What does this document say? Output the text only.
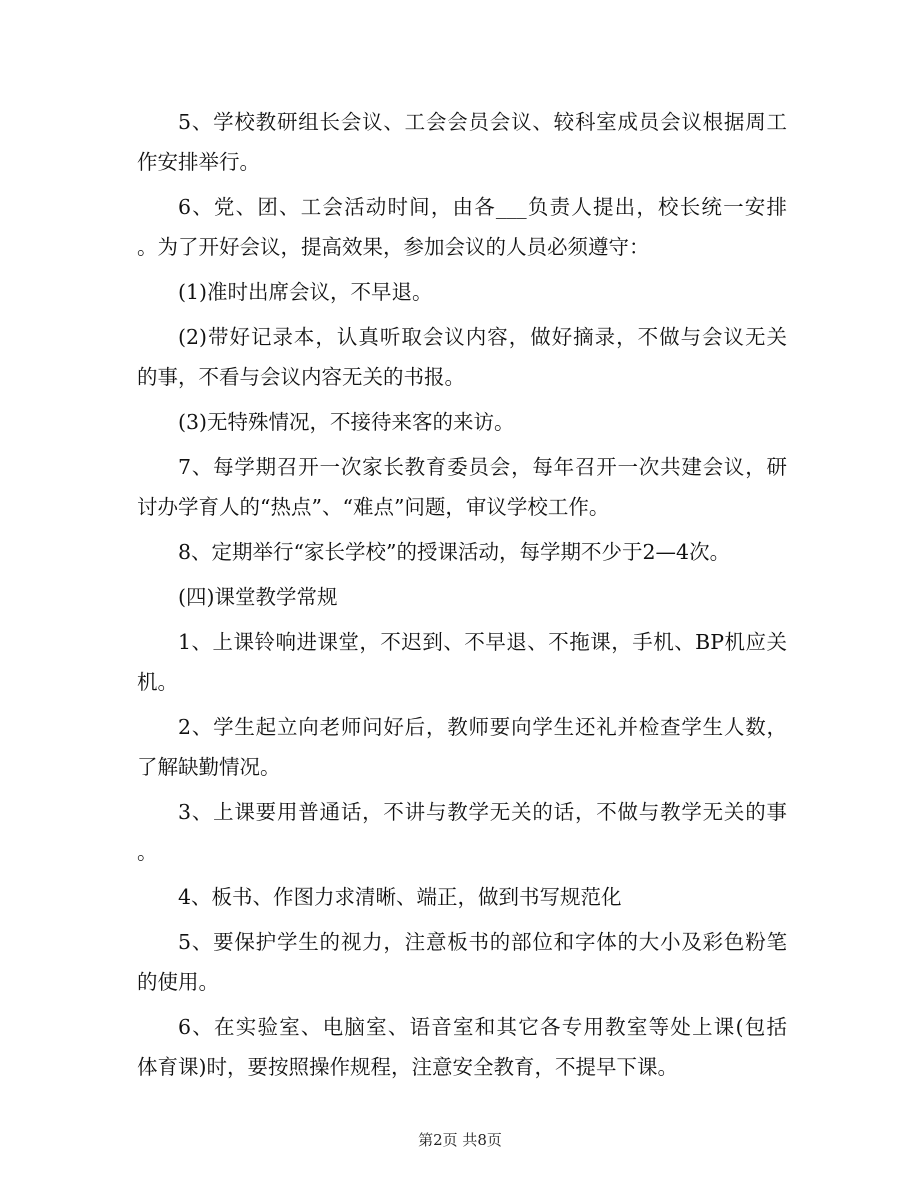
5、学校教研组长会议、工会会员会议、较科室成员会议根据周工
作安排举行。
6、党、团、工会活动时间，由各___负责人提出，校长统一安排
。为了开好会议，提高效果，参加会议的人员必须遵守：
(1)准时出席会议，不早退。
(2)带好记录本，认真听取会议内容，做好摘录，不做与会议无关
的事，不看与会议内容无关的书报。
(3)无特殊情况，不接待来客的来访。
7、每学期召开一次家长教育委员会，每年召开一次共建会议，研
讨办学育人的“热点”、“难点”问题，审议学校工作。
8、定期举行“家长学校”的授课活动，每学期不少于2—4次。
(四)课堂教学常规
1、上课铃响进课堂，不迟到、不早退、不拖课，手机、BP机应关
机。
2、学生起立向老师问好后，教师要向学生还礼并检查学生人数，
了解缺勤情况。
3、上课要用普通话，不讲与教学无关的话，不做与教学无关的事
。
4、板书、作图力求清晰、端正，做到书写规范化
5、要保护学生的视力，注意板书的部位和字体的大小及彩色粉笔
的使用。
6、在实验室、电脑室、语音室和其它各专用教室等处上课(包括
体育课)时，要按照操作规程，注意安全教育，不提早下课。
第2页 共8页
